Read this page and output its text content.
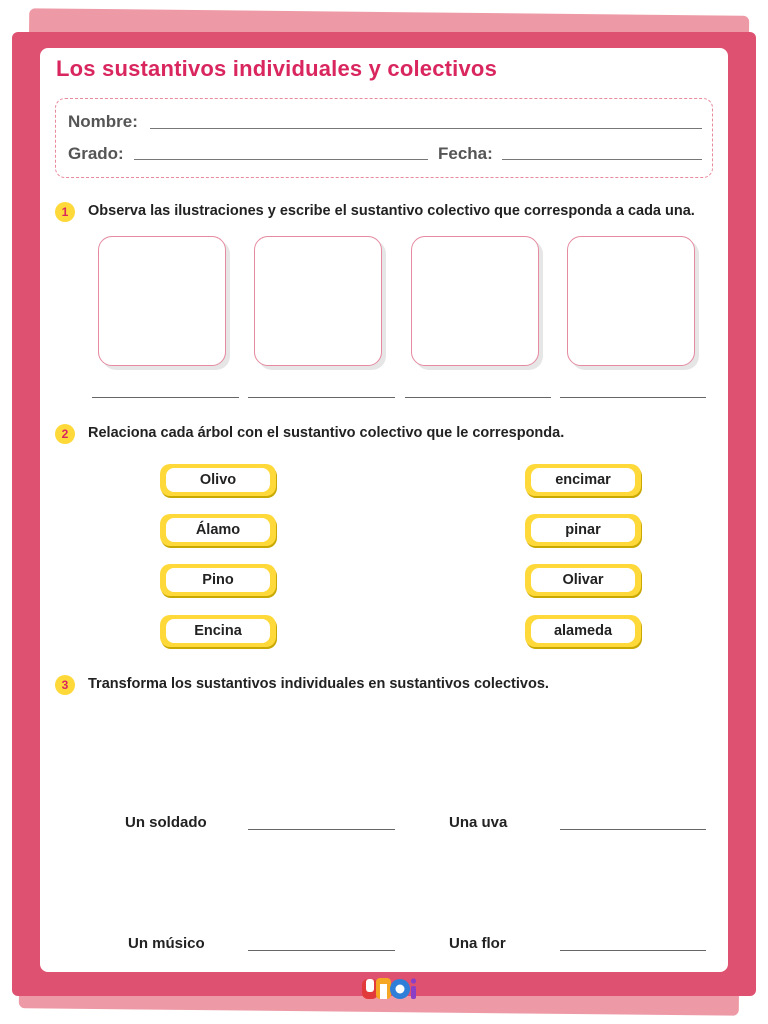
Los sustantivos individuales y colectivos
Nombre:
Grado:	Fecha:
1	Observa las ilustraciones y escribe el sustantivo colectivo que corresponda a cada una.
2	Relaciona cada árbol con el sustantivo colectivo que le corresponda.
Olivo
Álamo
Pino
Encina
encimar
pinar
Olivar
alameda
3	Transforma los sustantivos individuales en sustantivos colectivos.
Un soldado	Una uva
Un músico	Una flor
